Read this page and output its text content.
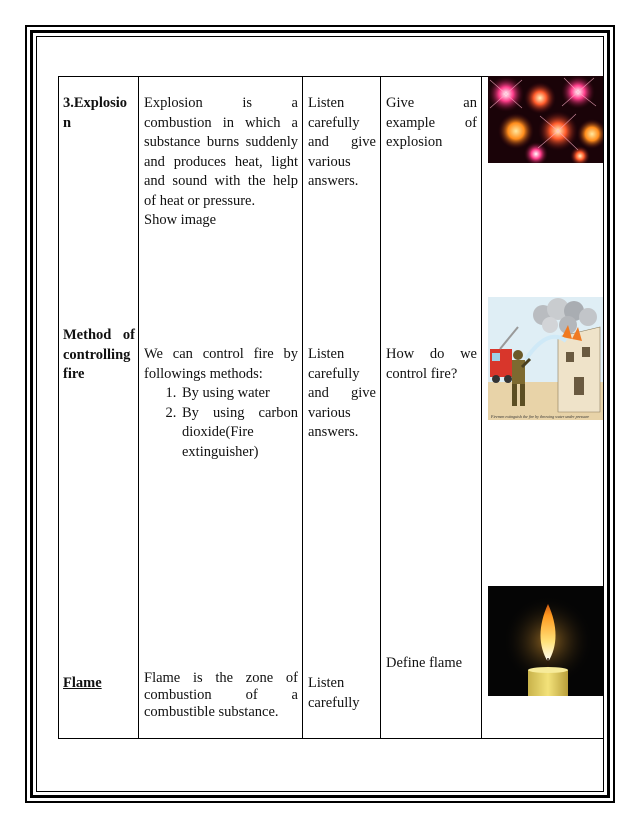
3.Explosio
n
Explosion is a
combustion in which a
substance burns suddenly
and produces heat, light
and sound with the help
of heat or pressure.
Show image
Listen
carefully
and give
various
answers.
Give an
example of
explosion
Method of
controlling
fire
We can control fire by
followings methods:
1. By using water
2. By using carbon
dioxide(Fire
extinguisher)
Listen
carefully
and give
various
answers.
How do we
control fire?
Firemen extinguish the fire by throwing water under pressure
Flame	Flame is the zone of
combustion of a
combustible substance.
Listen
carefully
Define flame
